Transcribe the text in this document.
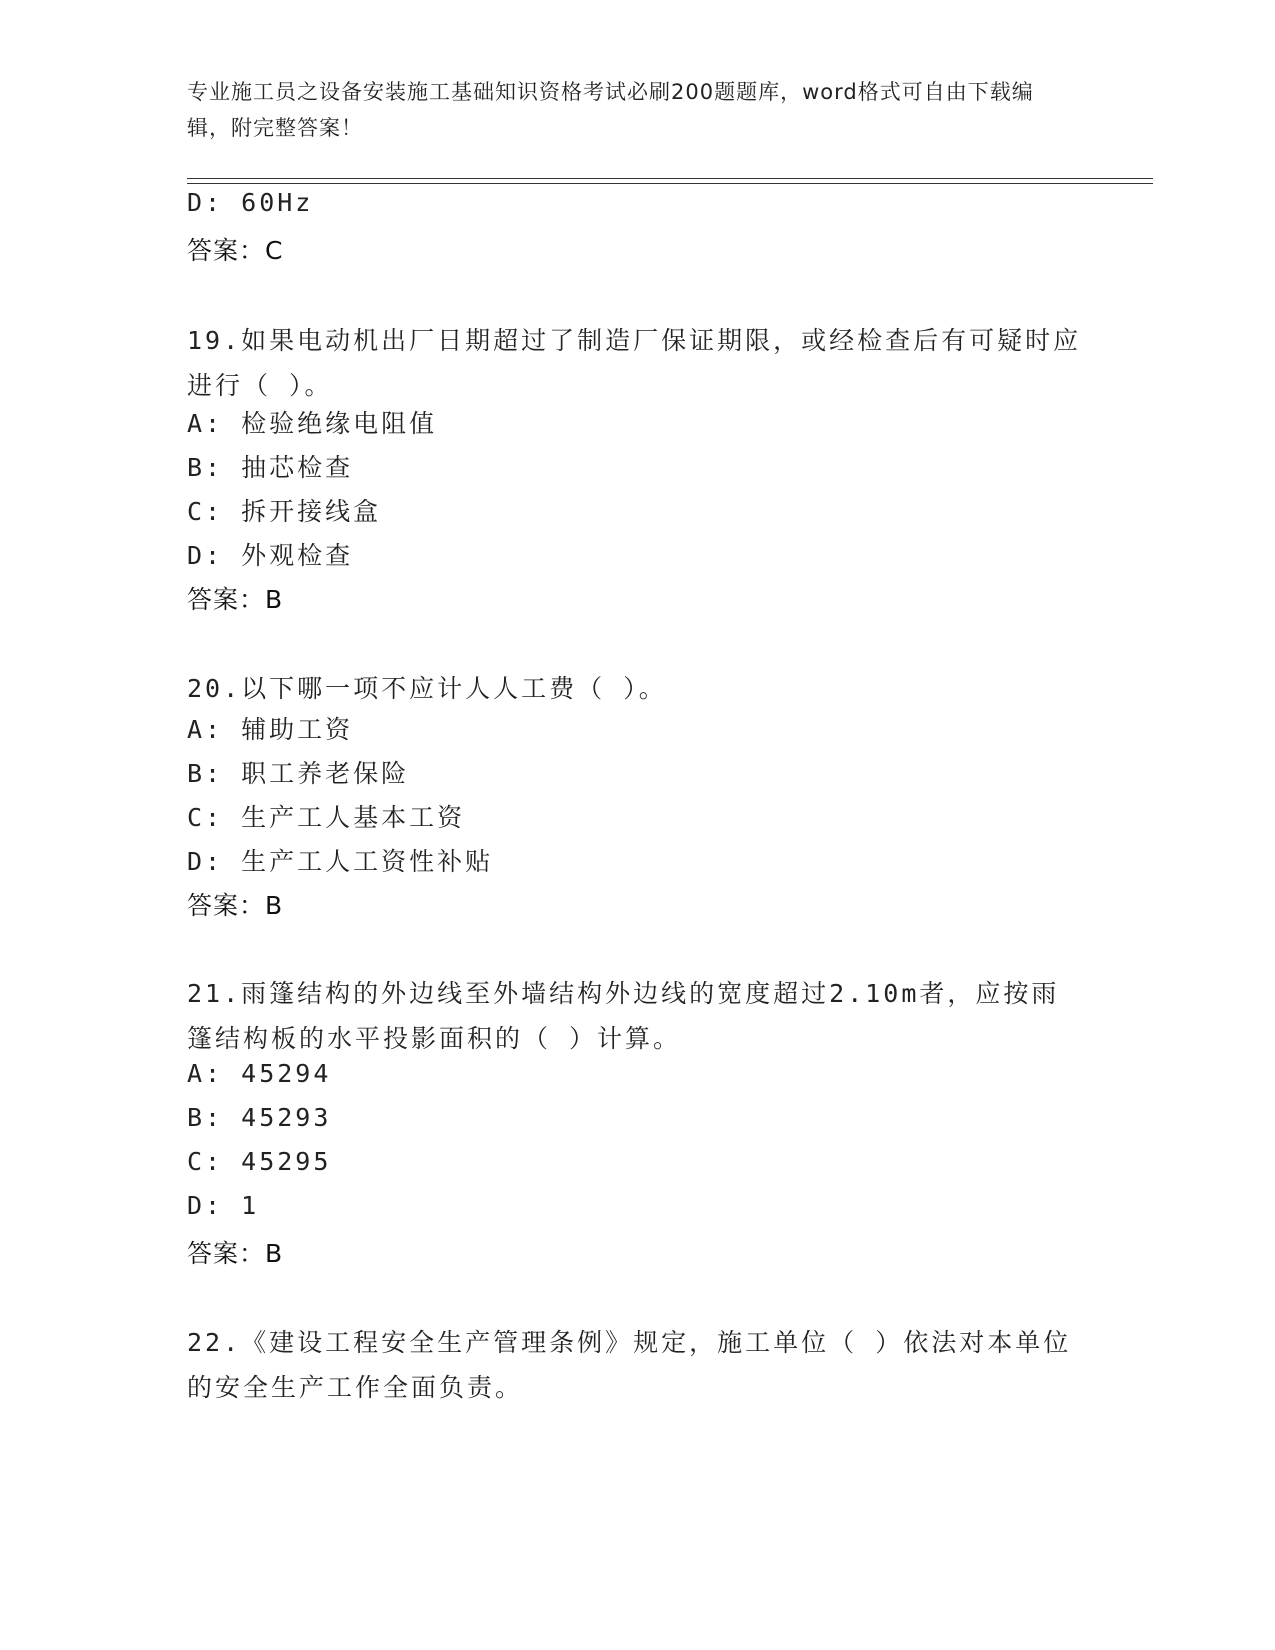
专业施工员之设备安装施工基础知识资格考试必刷200题题库，word格式可自由下载编辑，附完整答案！
D: 60Hz
答案：C
19.如果电动机出厂日期超过了制造厂保证期限，或经检查后有可疑时应进行（ ）。
A: 检验绝缘电阻值
B: 抽芯检查
C: 拆开接线盒
D: 外观检查
答案：B
20.以下哪一项不应计人人工费（ ）。
A: 辅助工资
B: 职工养老保险
C: 生产工人基本工资
D: 生产工人工资性补贴
答案：B
21.雨篷结构的外边线至外墙结构外边线的宽度超过2.10m者，应按雨篷结构板的水平投影面积的（ ）计算。
A: 45294
B: 45293
C: 45295
D: 1
答案：B
22.《建设工程安全生产管理条例》规定，施工单位（ ）依法对本单位的安全生产工作全面负责。
